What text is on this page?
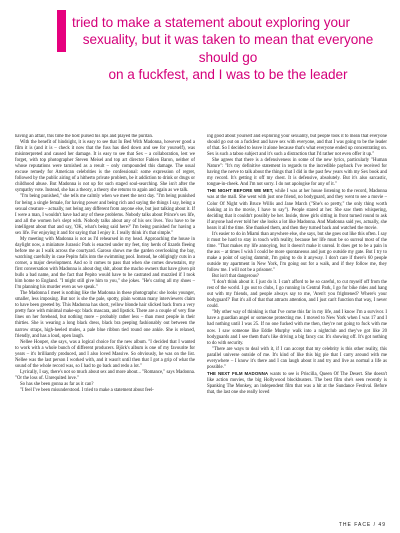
tried to make a statement about exploring your
sexuality, but it was taken to mean that everyone should go
on a fuckfest, and I was to be the leader

having an affair, this time the host pursed his lips and played the puritan.

With the benefit of hindsight, it is easy to see that In Bed With Madonna, however good a film it is (and it is – check it now that the fuss has died down and see for yourself), was misinterpreted and caused her damage. It is easy to see that Sex – a collaboration, lest we forget, with top photographer Steven Meisel and top art director Fabien Baron, neither of whose reputations were tarnished as a result – only compounded this damage. The usual excuse remedy for American celebrities is the confessional: some expression of regret, followed by the public airing of a hitherto private problem, be it addiction to drink or drugs or childhood abuse. But Madonna is not up for such staged soul-searching. She isn't after the sympathy vote. Instead, she has a theory, a theory she returns to again and again as we talk.

"I'm being punished," she tells me calmly when we meet the next day. "I'm being punished for being a single female, for having power and being rich and saying the things I say, being a sexual creature – actually, not being any different from anyone else, but just talking about it. If I were a man, I wouldn't have had any of these problems. Nobody talks about Prince's sex life, and all the women he's slept with. Nobody talks about any of his sex lives. You have to be intelligent about that and say, 'OK, what's being said here?' I'm being punished for having a sex life. For enjoying it and for saying that I enjoy it. I really think it's that simple."

My meeting with Madonna is not as I'd rehearsed in my head. Approaching the house in daylight now, a miniature Jurassic Park is enacted under my feet, tiny herds of lizards fleeing before me as I walk across the courtyard. Garoso shows me the garden overlooking the bay, watching carefully in case Pepito falls into the swimming pool. Instead, he obligingly cuts in a corner, a major development. And so it comes to pass that when she comes downstairs, my first conversation with Madonna is about dog shit, about the macho owners that have given pit bulls a bad name, and the fact that Pepito would have to be castrated and muzzled if I took him home to England. "I might still give him to you," she jokes. "He's caring all my shoes – I'm planning his murder even as we speak."

The Madonna I meet is nothing like the Madonna in these photographs: she looks younger, smaller, less imposing. But nor is she the pale, spotty, plain woman many interviewers claim to have been greeted by. This Madonna has short, yellow blonde hair slicked back from a very pretty face with minimal make-up: black mascara, and lipstick. There are a couple of very fine lines on her forehead, but nothing more – probably rather less – than most people in their thirties. She is wearing a long black dress, black bra peeping fashionably out between the narrow straps, high-heeled mules, a pale blue ribbon tied round one ankle. She is relaxed, friendly, and has a loud, open laugh.

Nellee Hooper, she says, was a logical choice for the new album. "I decided that I wanted to work with a whole bunch of different producers. Björk's album is one of my favourite for years – it's brilliantly produced, and I also loved Massive. So obviously, he was on the list. Nellee was the last person I worked with, and it wasn't until then that I got a grip of what the sound of the whole record was, so I had to go back and redo a lot."

Lyrically, I say, there's not so much about sex and more about... "Romance," says Madonna. "Or the loss of. Unrequited love."

So has she been gonna as far as it can?

"I feel I've been misunderstood. I tried to make a statement about feel-

ing good about yourself and exploring your sexuality, but people took it to mean that everyone should go out on a fuckfest and have sex with everyone, and that I was going to be the leader of that. So I decided to leave it alone because that's what everyone ended up concentrating on. Sex is such a taboo subject and it's such a distraction that I'd rather not even offer it up."

She agrees that there is a defensiveness in some of the new lyrics, particularly "Human Nature": "It's my definitive statement in regards to the incredible payback I've received for having the nerve to talk about the things that I did in the past few years with my Sex book and my record. It's getting it off my chest. It is defensive, absolutely. But it's also sarcastic, tongue-in-cheek. And I'm not sorry. I do not apologise for any of it."

THE NIGHT BEFORE WE MET, while I was at her house listening to the record, Madonna was at the mall. She went with just one friend, no bodyguard, and they went to see a movie – Color Of Night with Bruce Willis and Jane March ("She's so pretty," the only thing worth looking at in the movie, I have to say"). People stared at her. She saw them whispering, deciding that it couldn't possibly be her. Inside, three girls sitting in front turned round to ask if anyone had ever told her she looks a lot like Madonna. And Madonna said yes, actually, she hears it all the time. She thanked them, and then they turned back and watched the movie.

It's easier to do in Miami than anywhere else, she says, but she goes out like this often. I say it must be hard to stay in touch with reality, because her life must be so surreal most of the time. "That makes my life annoying, but it doesn't make it unreal. It does get to be a pain in the ass – at times I wish I could be more spontaneous and just go outside my gate. But I try to make a point of saying dammit, I'm going to do it anyway. I don't care if there's 60 people outside my apartment in New York, I'm going out for a walk, and if they follow me, they follow me. I will not be a prisoner."

But isn't that dangerous?

"I don't think about it. I just do it. I can't afford to be so careful, to cut myself off from the rest of the world. I go out to clubs, I go running in Central Park, I go for bike rides and hang out with my friends, and people always say to me, 'Aren't you frightened? Where's your bodyguard?' But it's all of that that attracts attention, and I just can't function that way, I never could.

"My other way of thinking is that I've come this far in my life, and I know I'm a survivor. I have a guardian angel or someone protecting me. I moved to New York when I was 17 and I had nothing until I was 25. If no one fucked with me then, they're not going to fuck with me now. I saw someone like Eddie Murphy walk into a nightclub and they've got like 20 bodyguards and I see them that's like driving a big fancy car. It's showing off. It's got nothing to do with security.

"There are ways to deal with it, if I can accept that my celebrity is this other reality, this parallel universe outside of me. It's kind of like this big pie that I carry around with me everywhere – I know it's there and I can laugh about it and try and live as normal a life as possible."

THE NEXT FILM MADONNA wants to see is Priscilla, Queen Of The Desert. She doesn't like action movies, the big Hollywood blockbusters. The best film she's seen recently is Spanking The Monkey, an independent film that was a hit at the Sundance Festival. Before that, the last one she really loved

THE FACE / 49
